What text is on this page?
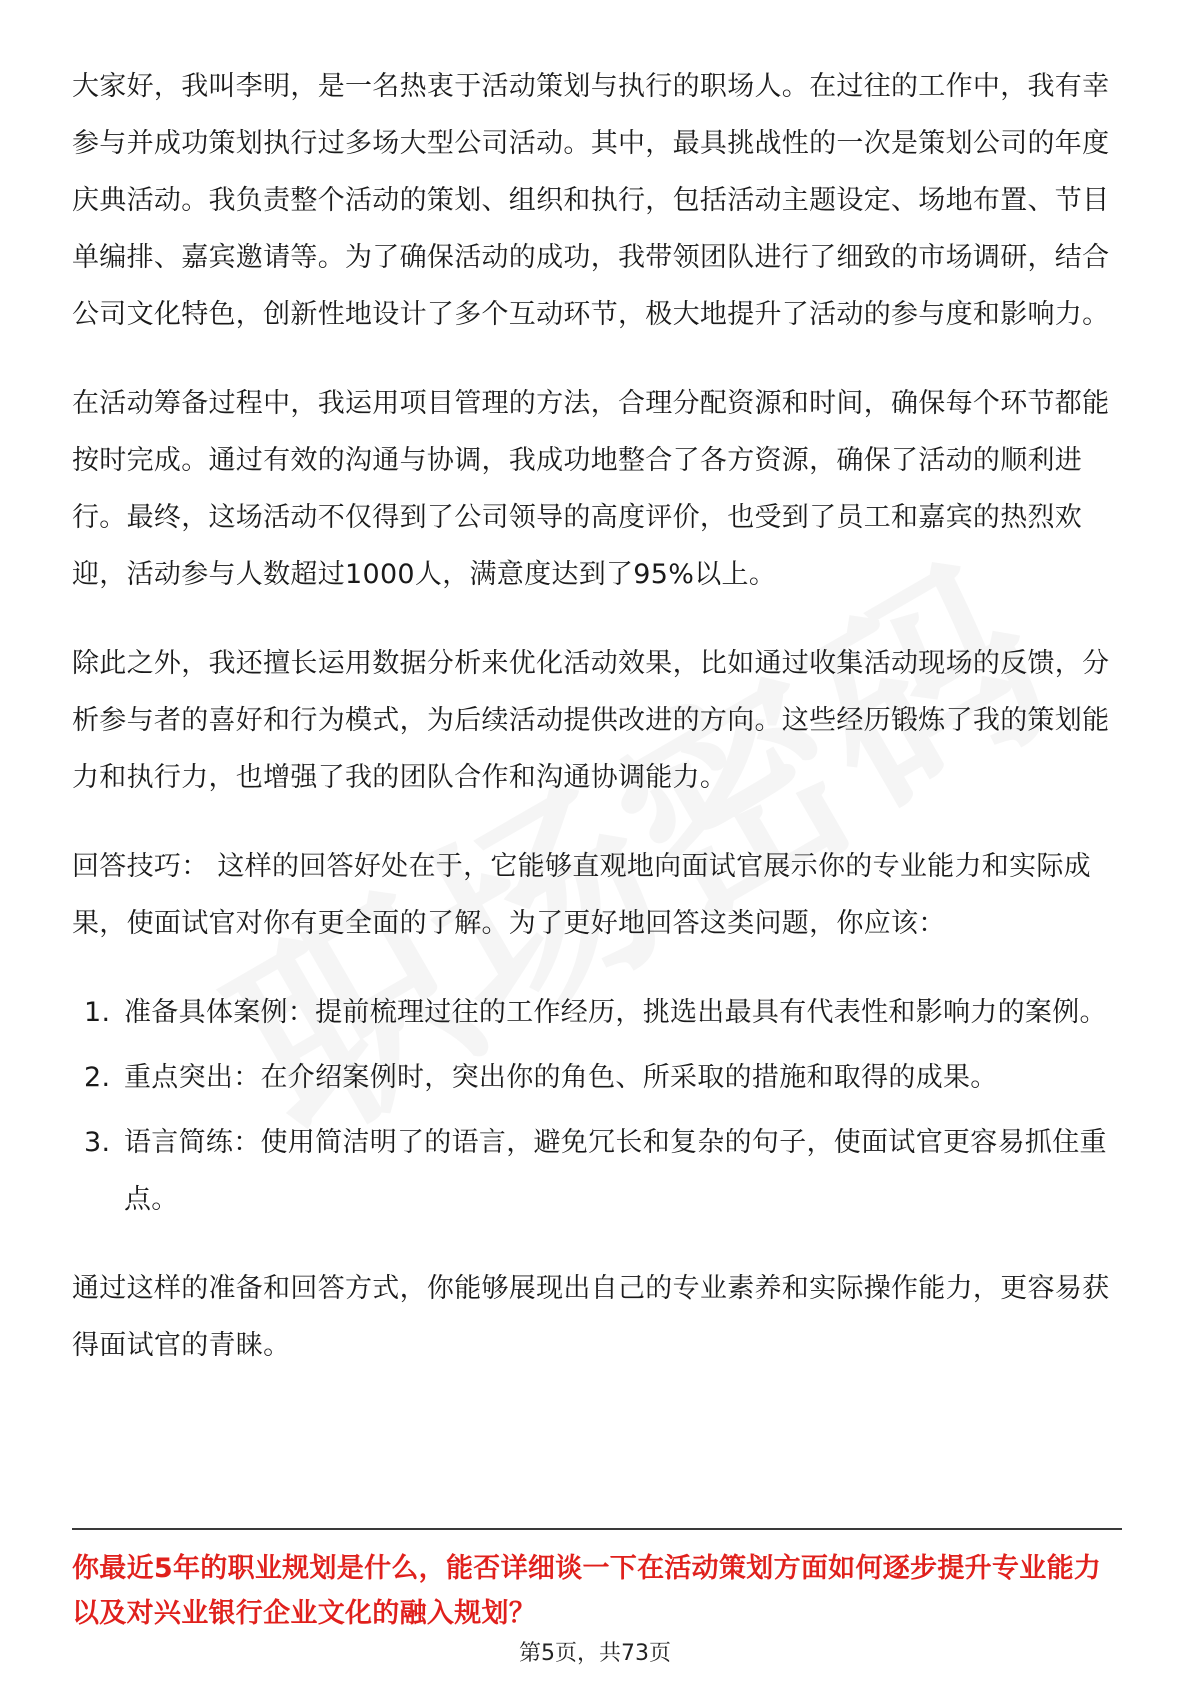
大家好，我叫李明，是一名热衷于活动策划与执行的职场人。在过往的工作中，我有幸参与并成功策划执行过多场大型公司活动。其中，最具挑战性的一次是策划公司的年度庆典活动。我负责整个活动的策划、组织和执行，包括活动主题设定、场地布置、节目单编排、嘉宾邀请等。为了确保活动的成功，我带领团队进行了细致的市场调研，结合公司文化特色，创新性地设计了多个互动环节，极大地提升了活动的参与度和影响力。

在活动筹备过程中，我运用项目管理的方法，合理分配资源和时间，确保每个环节都能按时完成。通过有效的沟通与协调，我成功地整合了各方资源，确保了活动的顺利进行。最终，这场活动不仅得到了公司领导的高度评价，也受到了员工和嘉宾的热烈欢迎，活动参与人数超过1000人，满意度达到了95%以上。

除此之外，我还擅长运用数据分析来优化活动效果，比如通过收集活动现场的反馈，分析参与者的喜好和行为模式，为后续活动提供改进的方向。这些经历锻炼了我的策划能力和执行力，也增强了我的团队合作和沟通协调能力。

回答技巧： 这样的回答好处在于，它能够直观地向面试官展示你的专业能力和实际成果，使面试官对你有更全面的了解。为了更好地回答这类问题，你应该：

1. 准备具体案例：提前梳理过往的工作经历，挑选出最具有代表性和影响力的案例。
2. 重点突出：在介绍案例时，突出你的角色、所采取的措施和取得的成果。
3. 语言简练：使用简洁明了的语言，避免冗长和复杂的句子，使面试官更容易抓住重点。

通过这样的准备和回答方式，你能够展现出自己的专业素养和实际操作能力，更容易获得面试官的青睐。

你最近5年的职业规划是什么，能否详细谈一下在活动策划方面如何逐步提升专业能力以及对兴业银行企业文化的融入规划？
第5页，共73页
